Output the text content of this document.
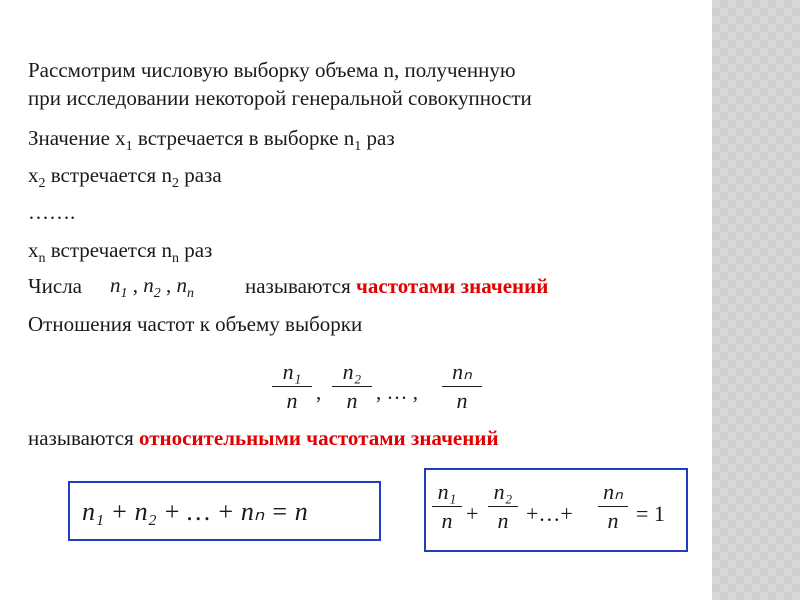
Рассмотрим числовую выборку объема n, полученную
при исследовании некоторой генеральной совокупности
Значение $x_1$ встречается в выборке $n_1$ раз
$x_2$ встречается $n_2$ раза
…….
$x_n$ встречается $n_n$ раз
Числа $n_1$ , $n_2$ , $n_n$ называются частотами значений
Отношения частот к объему выборки
n₁
n ,
n₂
n , … ,
nₙ
n
называются относительными частотами значений
n₁ + n₂ + … + nₙ = n
n₁
n +
n₂
n +…+
nₙ
n = 1
